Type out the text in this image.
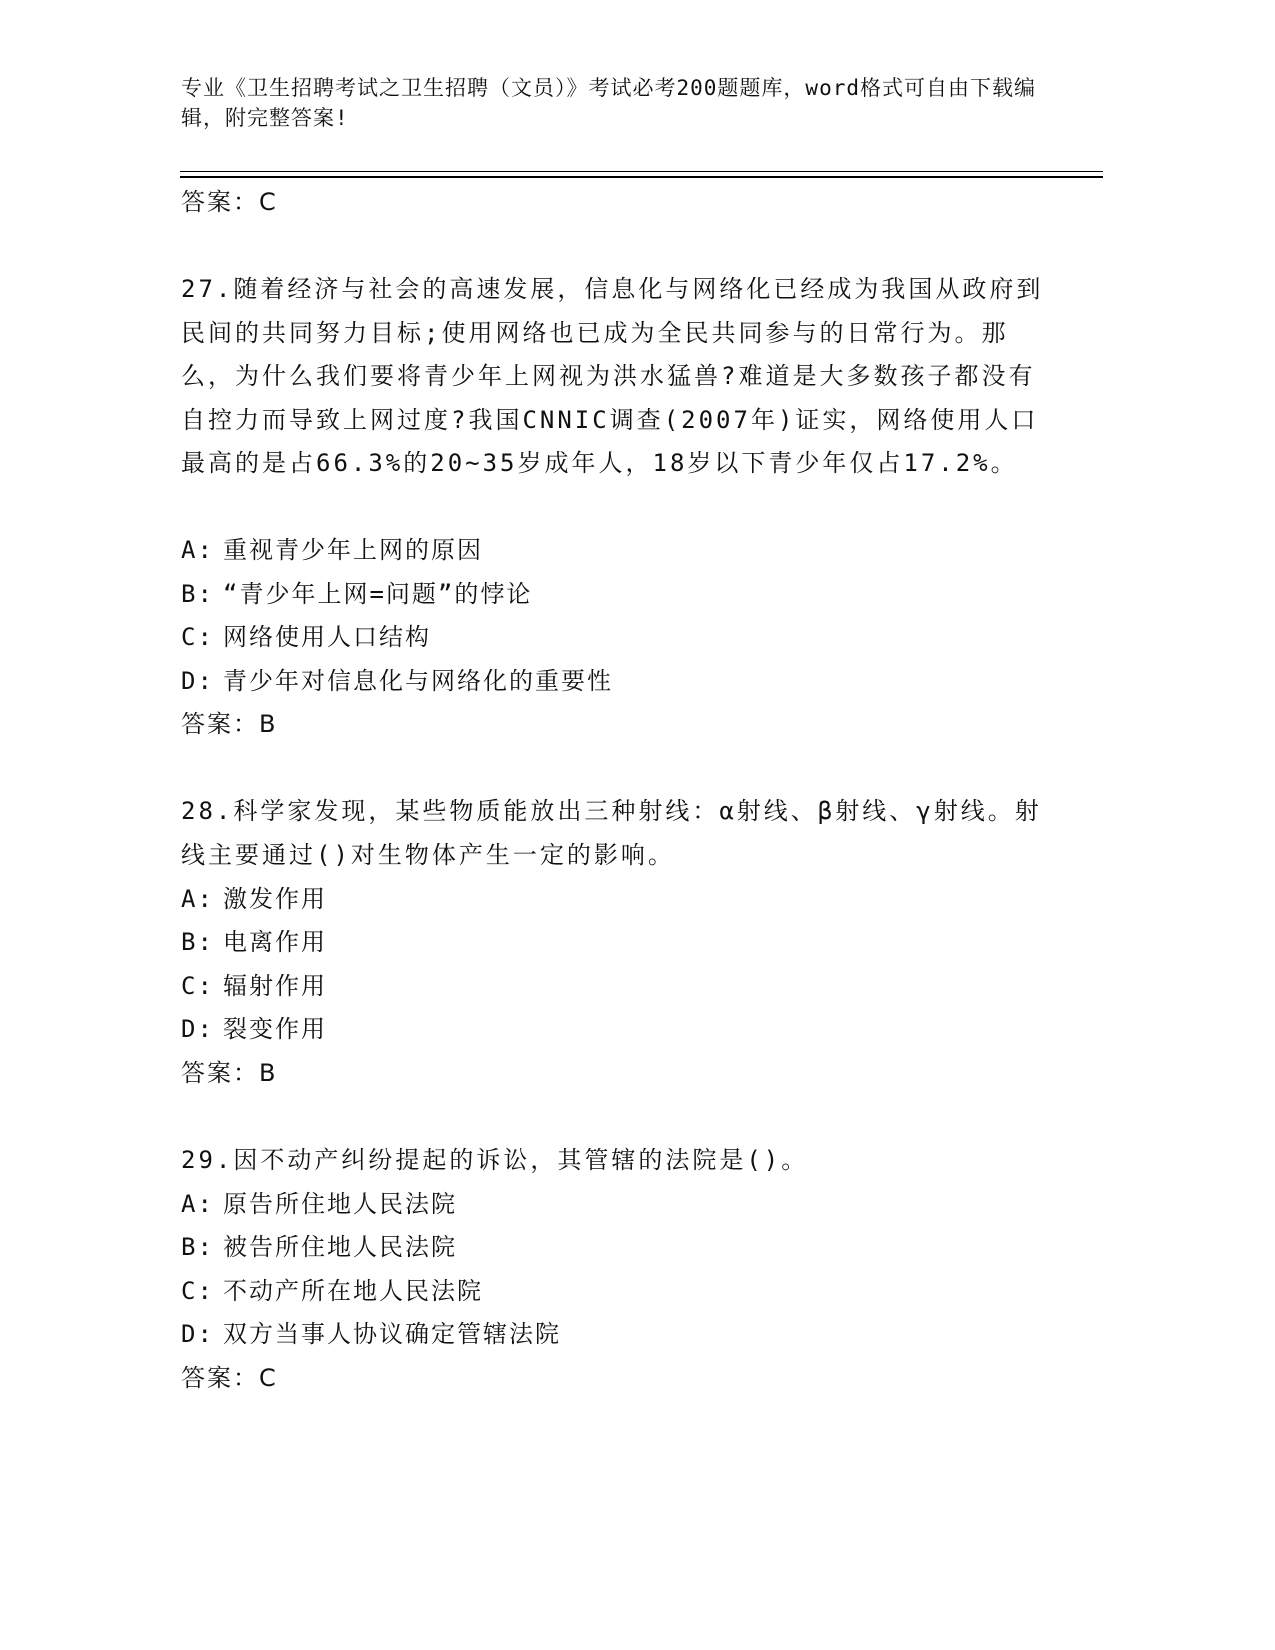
专业《卫生招聘考试之卫生招聘（文员）》考试必考200题题库，word格式可自由下载编辑，附完整答案!
答案：C
27.随着经济与社会的高速发展，信息化与网络化已经成为我国从政府到民间的共同努力目标;使用网络也已成为全民共同参与的日常行为。那么，为什么我们要将青少年上网视为洪水猛兽?难道是大多数孩子都没有自控力而导致上网过度?我国CNNIC调查(2007年)证实，网络使用人口最高的是占66.3%的20~35岁成年人，18岁以下青少年仅占17.2%。
A: 重视青少年上网的原因
B: “青少年上网=问题”的悖论
C: 网络使用人口结构
D: 青少年对信息化与网络化的重要性
答案：B
28.科学家发现，某些物质能放出三种射线：α射线、β射线、γ射线。射线主要通过()对生物体产生一定的影响。
A: 激发作用
B: 电离作用
C: 辐射作用
D: 裂变作用
答案：B
29.因不动产纠纷提起的诉讼，其管辖的法院是()。
A: 原告所住地人民法院
B: 被告所住地人民法院
C: 不动产所在地人民法院
D: 双方当事人协议确定管辖法院
答案：C
